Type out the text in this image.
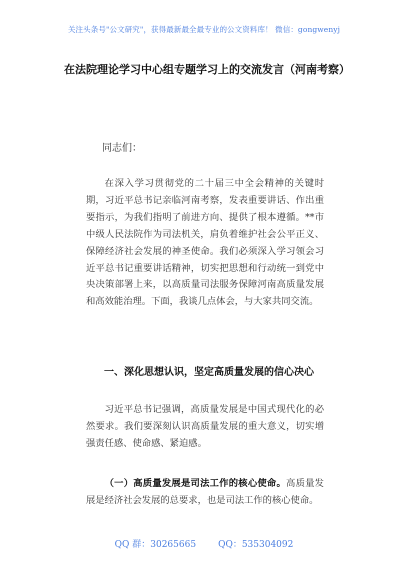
关注头条号"公文研究"，获得最新最全最专业的公文资料库！ 微信：gongwenyj
在法院理论学习中心组专题学习上的交流发言（河南考察）
同志们：
在深入学习贯彻党的二十届三中全会精神的关键时期，习近平总书记亲临河南考察，发表重要讲话、作出重要指示，为我们指明了前进方向、提供了根本遵循。**市中级人民法院作为司法机关，肩负着维护社会公平正义、保障经济社会发展的神圣使命。我们必须深入学习领会习近平总书记重要讲话精神，切实把思想和行动统一到党中央决策部署上来，以高质量司法服务保障河南高质量发展和高效能治理。下面，我谈几点体会，与大家共同交流。
一、深化思想认识，坚定高质量发展的信心决心
习近平总书记强调，高质量发展是中国式现代化的必然要求。我们要深刻认识高质量发展的重大意义，切实增强责任感、使命感、紧迫感。
（一）高质量发展是司法工作的核心使命。高质量发展是经济社会发展的总要求，也是司法工作的核心使命。
QQ 群：30265665 QQ：535304092
